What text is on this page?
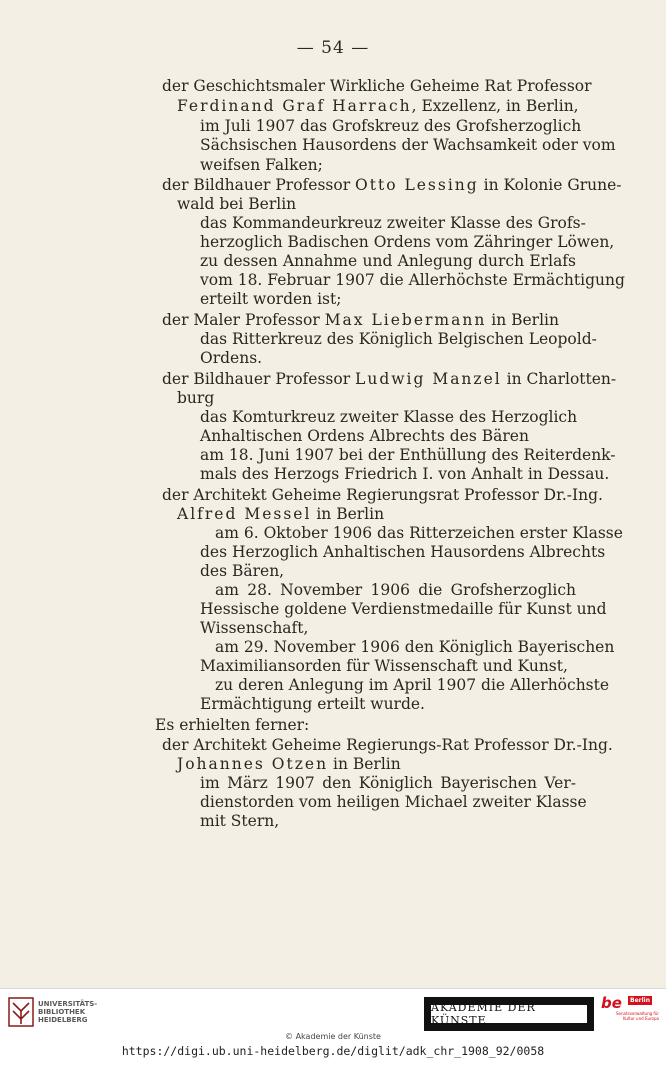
— 54 —
der Geschichtsmaler Wirkliche Geheime Rat Professor
Ferdinand Graf Harrach, Exzellenz, in Berlin,
im Juli 1907 das Grofskreuz des Grofsherzoglich
Sächsischen Hausordens der Wachsamkeit oder vom
weifsen Falken;
der Bildhauer Professor Otto Lessing in Kolonie Grune-
wald bei Berlin
das Kommandeurkreuz zweiter Klasse des Grofs-
herzoglich Badischen Ordens vom Zähringer Löwen,
zu dessen Annahme und Anlegung durch Erlafs
vom 18. Februar 1907 die Allerhöchste Ermächtigung
erteilt worden ist;
der Maler Professor Max Liebermann in Berlin
das Ritterkreuz des Königlich Belgischen Leopold-
Ordens.
der Bildhauer Professor Ludwig Manzel in Charlotten-
burg
das Komturkreuz zweiter Klasse des Herzoglich
Anhaltischen Ordens Albrechts des Bären
am 18. Juni 1907 bei der Enthüllung des Reiterdenk-
mals des Herzogs Friedrich I. von Anhalt in Dessau.
der Architekt Geheime Regierungsrat Professor Dr.-Ing.
Alfred Messel in Berlin
am 6. Oktober 1906 das Ritterzeichen erster Klasse
des Herzoglich Anhaltischen Hausordens Albrechts
des Bären,
am 28. November 1906 die Grofsherzoglich
Hessische goldene Verdienstmedaille für Kunst und
Wissenschaft,
am 29. November 1906 den Königlich Bayerischen
Maximiliansorden für Wissenschaft und Kunst,
zu deren Anlegung im April 1907 die Allerhöchste
Ermächtigung erteilt wurde.
Es erhielten ferner:
der Architekt Geheime Regierungs-Rat Professor Dr.-Ing.
Johannes Otzen in Berlin
im März 1907 den Königlich Bayerischen Ver-
dienstorden vom heiligen Michael zweiter Klasse
mit Stern,
UNIVERSITÄTS-
BIBLIOTHEK
HEIDELBERG
AKADEMIE DER KÜNSTE
be	Berlin
Senatsverwaltung für Kultur und Europa
© Akademie der Künste
https://digi.ub.uni-heidelberg.de/diglit/adk_chr_1908_92/0058
